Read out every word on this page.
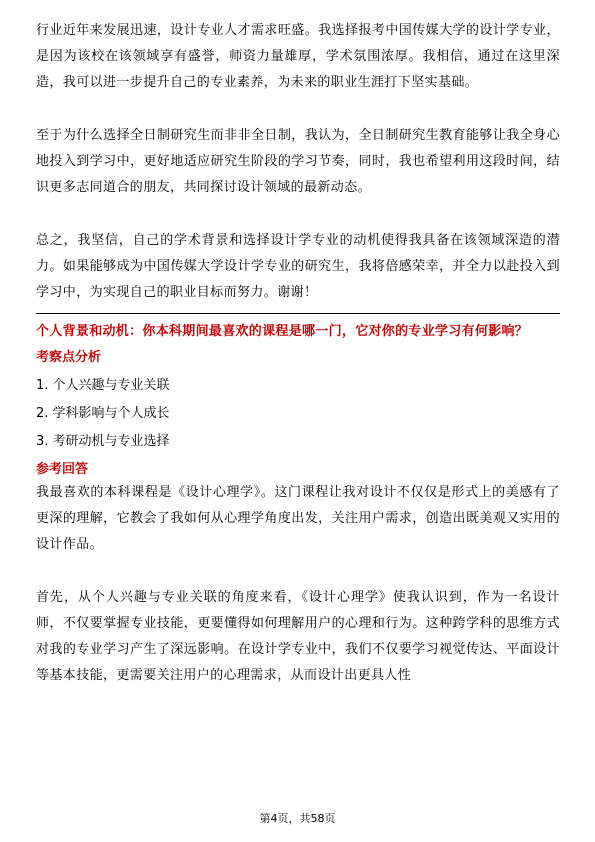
行业近年来发展迅速，设计专业人才需求旺盛。我选择报考中国传媒大学的设计学专业，是因为该校在该领域享有盛誉，师资力量雄厚，学术氛围浓厚。我相信，通过在这里深造，我可以进一步提升自己的专业素养，为未来的职业生涯打下坚实基础。

至于为什么选择全日制研究生而非非全日制，我认为，全日制研究生教育能够让我全身心地投入到学习中，更好地适应研究生阶段的学习节奏，同时，我也希望利用这段时间，结识更多志同道合的朋友，共同探讨设计领域的最新动态。

总之，我坚信，自己的学术背景和选择设计学专业的动机使得我具备在该领域深造的潜力。如果能够成为中国传媒大学设计学专业的研究生，我将倍感荣幸，并全力以赴投入到学习中，为实现自己的职业目标而努力。谢谢！

个人背景和动机：你本科期间最喜欢的课程是哪一门，它对你的专业学习有何影响？

考察点分析
1. 个人兴趣与专业关联
2. 学科影响与个人成长
3. 考研动机与专业选择
参考回答

我最喜欢的本科课程是《设计心理学》。这门课程让我对设计不仅仅是形式上的美感有了更深的理解，它教会了我如何从心理学角度出发，关注用户需求，创造出既美观又实用的设计作品。

首先，从个人兴趣与专业关联的角度来看，《设计心理学》使我认识到，作为一名设计师，不仅要掌握专业技能，更要懂得如何理解用户的心理和行为。这种跨学科的思维方式对我的专业学习产生了深远影响。在设计学专业中，我们不仅要学习视觉传达、平面设计等基本技能，更需要关注用户的心理需求，从而设计出更具人性

第4页，共58页
